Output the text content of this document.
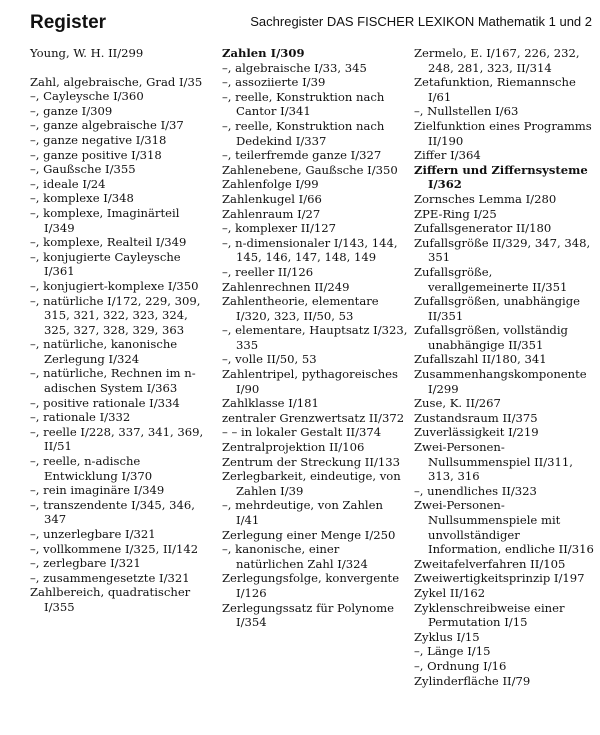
Register	Sachregister DAS FISCHER LEXIKON Mathematik 1 und 2
Young, W. H. II/299
Zahl, algebraische, Grad I/35
–, Cayleysche I/360
–, ganze I/309
–, ganze algebraische I/37
–, ganze negative I/318
–, ganze positive I/318
–, Gaußsche I/355
–, ideale I/24
–, komplexe I/348
–, komplexe, Imaginärteil I/349
–, komplexe, Realteil I/349
–, konjugierte Cayleysche I/361
–, konjugiert-komplexe I/350
–, natürliche I/172, 229, 309, 315, 321, 322, 323, 324, 325, 327, 328, 329, 363
–, natürliche, kanonische Zerlegung I/324
–, natürliche, Rechnen im n-adischen System I/363
–, positive rationale I/334
–, rationale I/332
–, reelle I/228, 337, 341, 369, II/51
–, reelle, n-adische Entwicklung I/370
–, rein imaginäre I/349
–, transzendente I/345, 346, 347
–, unzerlegbare I/321
–, vollkommene I/325, II/142
–, zerlegbare I/321
–, zusammengesetzte I/321
Zahlbereich, quadratischer I/355
Zahlen I/309
–, algebraische I/33, 345
–, assoziierte I/39
–, reelle, Konstruktion nach Cantor I/341
–, reelle, Konstruktion nach Dedekind I/337
–, teilerfremde ganze I/327
Zahlenebene, Gaußsche I/350
Zahlenfolge I/99
Zahlenkugel I/66
Zahlenraum I/27
–, komplexer II/127
–, n-dimensionaler I/143, 144, 145, 146, 147, 148, 149
–, reeller II/126
Zahlenrechnen II/249
Zahlentheorie, elementare I/320, 323, II/50, 53
–, elementare, Hauptsatz I/323, 335
–, volle II/50, 53
Zahlentripel, pythagoreisches I/90
Zahlklasse I/181
zentraler Grenzwertsatz II/372
– – in lokaler Gestalt II/374
Zentralprojektion II/106
Zentrum der Streckung II/133
Zerlegbarkeit, eindeutige, von Zahlen I/39
–, mehrdeutige, von Zahlen I/41
Zerlegung einer Menge I/250
–, kanonische, einer natürlichen Zahl I/324
Zerlegungsfolge, konvergente I/126
Zerlegungssatz für Polynome I/354
Zermelo, E. I/167, 226, 232, 248, 281, 323, II/314
Zetafunktion, Riemannsche I/61
–, Nullstellen I/63
Zielfunktion eines Programms II/190
Ziffer I/364
Ziffern und Ziffernsysteme I/362
Zornsches Lemma I/280
ZPE-Ring I/25
Zufallsgenerator II/180
Zufallsgröße II/329, 347, 348, 351
Zufallsgröße, verallgemeinerte II/351
Zufallsgrößen, unabhängige II/351
Zufallsgrößen, vollständig unabhängige II/351
Zufallszahl II/180, 341
Zusammenhangskomponente I/299
Zuse, K. II/267
Zustandsraum II/375
Zuverlässigkeit I/219
Zwei-Personen-Nullsummenspiel II/311, 313, 316
–, unendliches II/323
Zwei-Personen-Nullsummenspiele mit unvollständiger Information, endliche II/316
Zweitafelverfahren II/105
Zweiwertigkeitsprinzip I/197
Zykel II/162
Zyklenschreibweise einer Permutation I/15
Zyklus I/15
–, Länge I/15
–, Ordnung I/16
Zylinderfläche II/79
